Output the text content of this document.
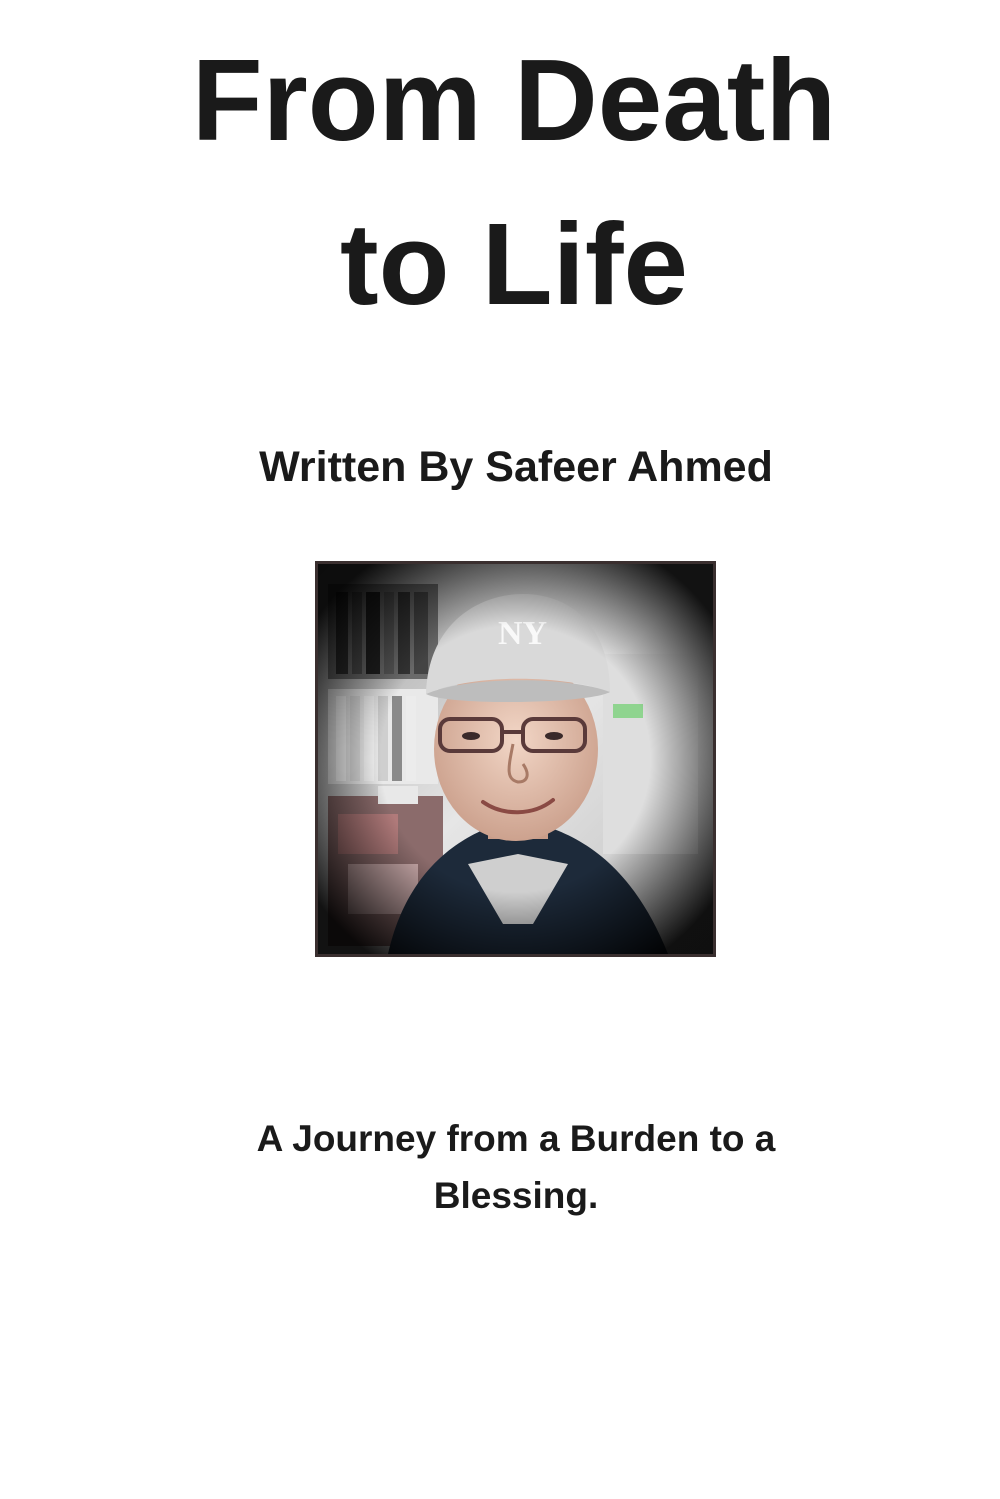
From Death
to Life
Written By Safeer Ahmed
A Journey from a Burden to a
Blessing.
